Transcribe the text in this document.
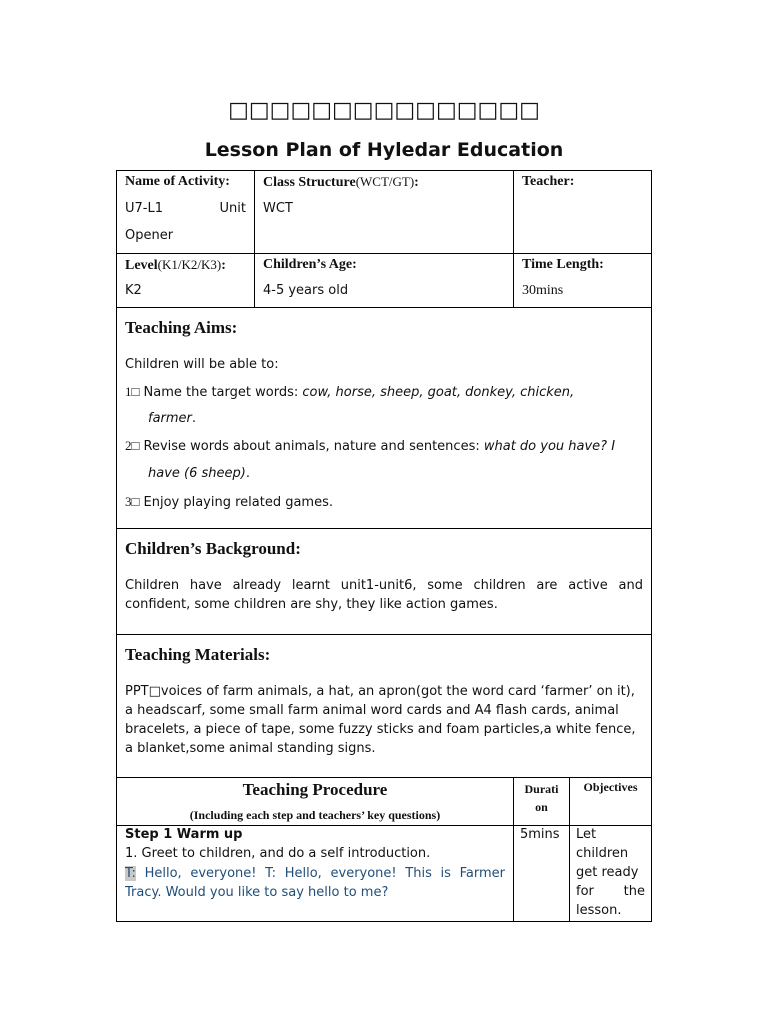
□□□□□□□□□□□□□□□
Lesson Plan of Hyledar Education
Name of Activity:
U7-L1	Unit
Opener
Class Structure(WCT/GT):
WCT
Teacher:
Level(K1/K2/K3):
K2
Children’s Age:
4-5 years old
Time Length:
30mins
Teaching Aims:
Children will be able to:
1□ Name the target words: cow, horse, sheep, goat, donkey, chicken,
farmer.
2□ Revise words about animals, nature and sentences: what do you have? I
have (6 sheep).
3□ Enjoy playing related games.
Children’s Background:
Children have already learnt unit1-unit6, some children are active and confident, some children are shy, they like action games.
Teaching Materials:
PPT□voices of farm animals, a hat, an apron(got the word card ‘farmer’ on it), a headscarf, some small farm animal word cards and A4 flash cards, animal bracelets, a piece of tape, some fuzzy sticks and foam particles,a white fence, a blanket,some animal standing signs.
Teaching Procedure
(Including each step and teachers’ key questions)
Durati
on
Objectives
Step 1 Warm up
1. Greet to children, and do a self introduction.
T: Hello, everyone! T: Hello, everyone! This is Farmer Tracy. Would you like to say hello to me?
5mins Let
children
get ready
for the
lesson.
